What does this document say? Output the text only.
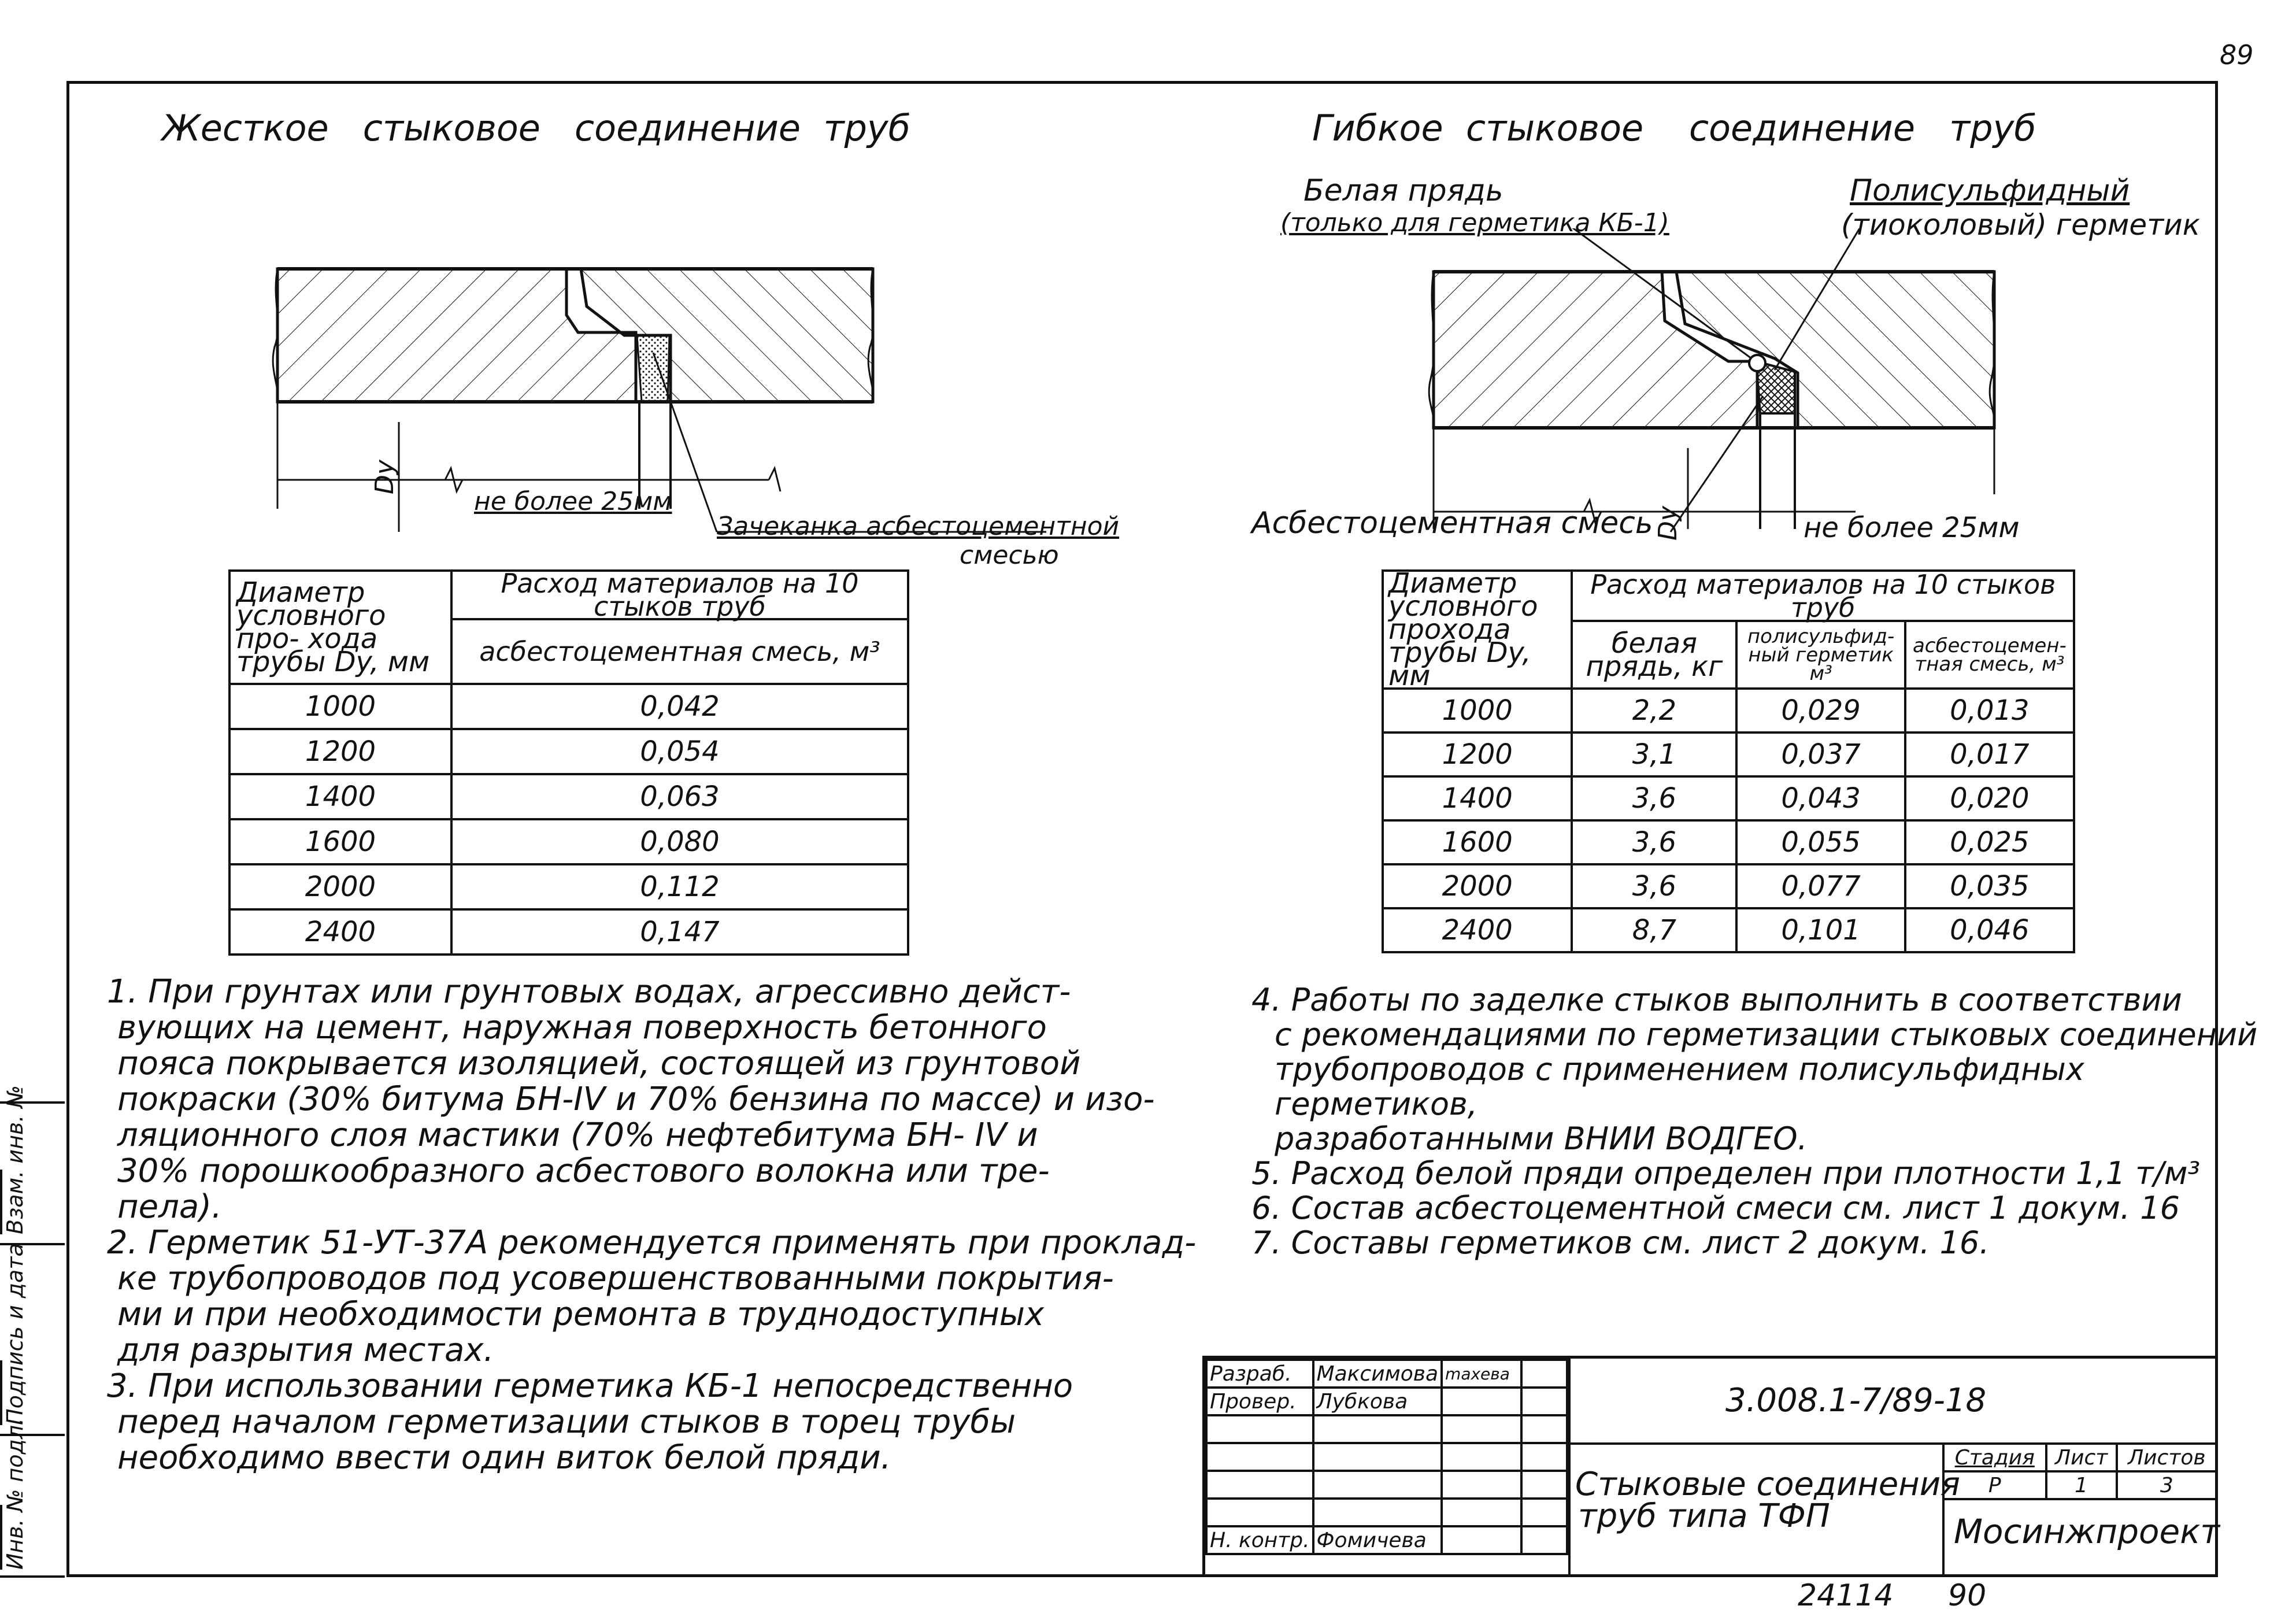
89
Взам. инв. №
Подпись и дата
Инв. № подл.
Жесткое   стыковое   соединение  труб
Dy
не более 25мм
Зачеканка асбестоцементной
смесью
Диаметр условного про- хода трубы Dy, мм	Расход материалов на 10 стыков труб
	асбестоцементная смесь, м³
1000	0,042
1200	0,054
1400	0,063
1600	0,080
2000	0,112
2400	0,147

1. При грунтах или грунтовых водах, агрессивно дейст-

вующих на цемент, наружная поверхность бетонного

пояса покрывается изоляцией, состоящей из грунтовой

покраски (30% битума БН-IV и 70% бензина по массе) и изо-

ляционного слоя мастики (70% нефтебитума БН- IV и

30% порошкообразного асбестового волокна или тре-

пела).

2. Герметик 51-УТ-37А рекомендуется применять при проклад-

ке трубопроводов под усовершенствованными покрытия-

ми и при необходимости ремонта в труднодоступных

для разрытия местах.

3. При использовании герметика КБ-1 непосредственно

перед началом герметизации стыков в торец трубы

необходимо ввести один виток белой пряди.

Гибкое  стыковое    соединение   труб
Белая прядь
(только для герметика КБ-1)
Полисульфидный
(тиоколовый) герметик
Асбестоцементная смесь Dy	не более 25мм
Диаметр условного прохода трубы Dy, мм	Расход материалов на 10 стыков труб		
	белая прядь, кг	полисульфид- ный герметик м³	асбестоцемен- тная смесь, м³
1000	2,2	0,029	0,013
1200	3,1	0,037	0,017
1400	3,6	0,043	0,020
1600	3,6	0,055	0,025
2000	3,6	0,077	0,035
2400	8,7	0,101	0,046

4. Работы по заделке стыков выполнить в соответствии

с рекомендациями по герметизации стыковых соединений

трубопроводов с применением полисульфидных герметиков,

разработанными ВНИИ ВОДГЕО.

5. Расход белой пряди определен при плотности 1,1 т/м³

6. Состав асбестоцементной смеси см. лист 1 докум. 16

7. Составы герметиков см. лист 2 докум. 16.

Разраб.	Максимова	maxeвa	
Провер.	Лубкова		

Н. контр.	Фомичева		
3.008.1-7/89-18
Стыковые соединения
труб типа ТФП
Стадия	Лист	Листов
Р	1	3
Мосинжпроект
24114 90
